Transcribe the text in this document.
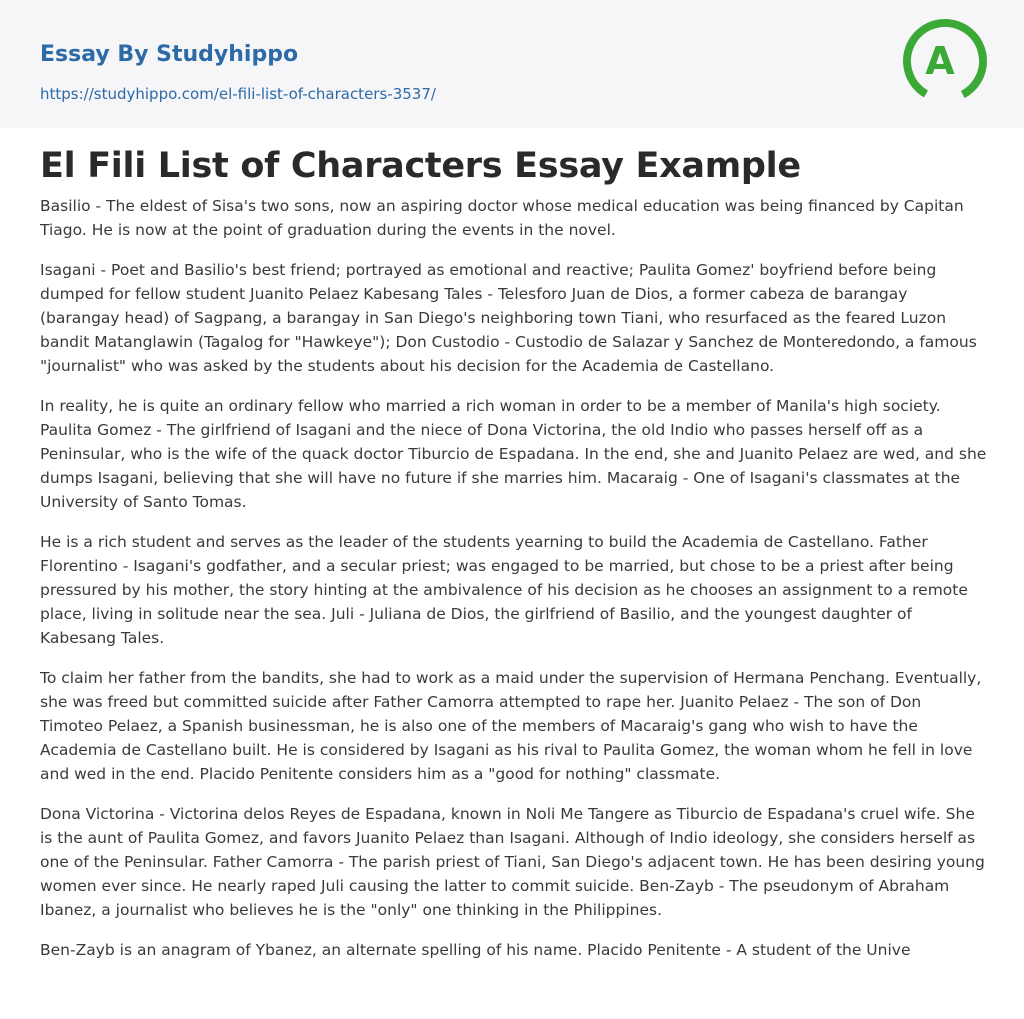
Essay By Studyhippo
https://studyhippo.com/el-fili-list-of-characters-3537/
A
El Fili List of Characters Essay Example

Basilio - The eldest of Sisa's two sons, now an aspiring doctor whose medical education was being financed by Capitan Tiago. He is now at the point of graduation during the events in the novel.

Isagani - Poet and Basilio's best friend; portrayed as emotional and reactive; Paulita Gomez' boyfriend before being dumped for fellow student Juanito Pelaez Kabesang Tales - Telesforo Juan de Dios, a former cabeza de barangay (barangay head) of Sagpang, a barangay in San Diego's neighboring town Tiani, who resurfaced as the feared Luzon bandit Matanglawin (Tagalog for "Hawkeye"); Don Custodio - Custodio de Salazar y Sanchez de Monteredondo, a famous "journalist" who was asked by the students about his decision for the Academia de Castellano.

In reality, he is quite an ordinary fellow who married a rich woman in order to be a member of Manila's high society. Paulita Gomez - The girlfriend of Isagani and the niece of Dona Victorina, the old Indio who passes herself off as a Peninsular, who is the wife of the quack doctor Tiburcio de Espadana. In the end, she and Juanito Pelaez are wed, and she dumps Isagani, believing that she will have no future if she marries him. Macaraig - One of Isagani's classmates at the University of Santo Tomas.

He is a rich student and serves as the leader of the students yearning to build the Academia de Castellano. Father Florentino - Isagani's godfather, and a secular priest; was engaged to be married, but chose to be a priest after being pressured by his mother, the story hinting at the ambivalence of his decision as he chooses an assignment to a remote place, living in solitude near the sea. Juli - Juliana de Dios, the girlfriend of Basilio, and the youngest daughter of Kabesang Tales.

To claim her father from the bandits, she had to work as a maid under the supervision of Hermana Penchang. Eventually, she was freed but committed suicide after Father Camorra attempted to rape her. Juanito Pelaez - The son of Don Timoteo Pelaez, a Spanish businessman, he is also one of the members of Macaraig's gang who wish to have the Academia de Castellano built. He is considered by Isagani as his rival to Paulita Gomez, the woman whom he fell in love and wed in the end. Placido Penitente considers him as a "good for nothing" classmate.

Dona Victorina - Victorina delos Reyes de Espadana, known in Noli Me Tangere as Tiburcio de Espadana's cruel wife. She is the aunt of Paulita Gomez, and favors Juanito Pelaez than Isagani. Although of Indio ideology, she considers herself as one of the Peninsular. Father Camorra - The parish priest of Tiani, San Diego's adjacent town. He has been desiring young women ever since. He nearly raped Juli causing the latter to commit suicide. Ben-Zayb - The pseudonym of Abraham Ibanez, a journalist who believes he is the "only" one thinking in the Philippines.

Ben-Zayb is an anagram of Ybanez, an alternate spelling of his name. Placido Penitente - A student of the Unive
